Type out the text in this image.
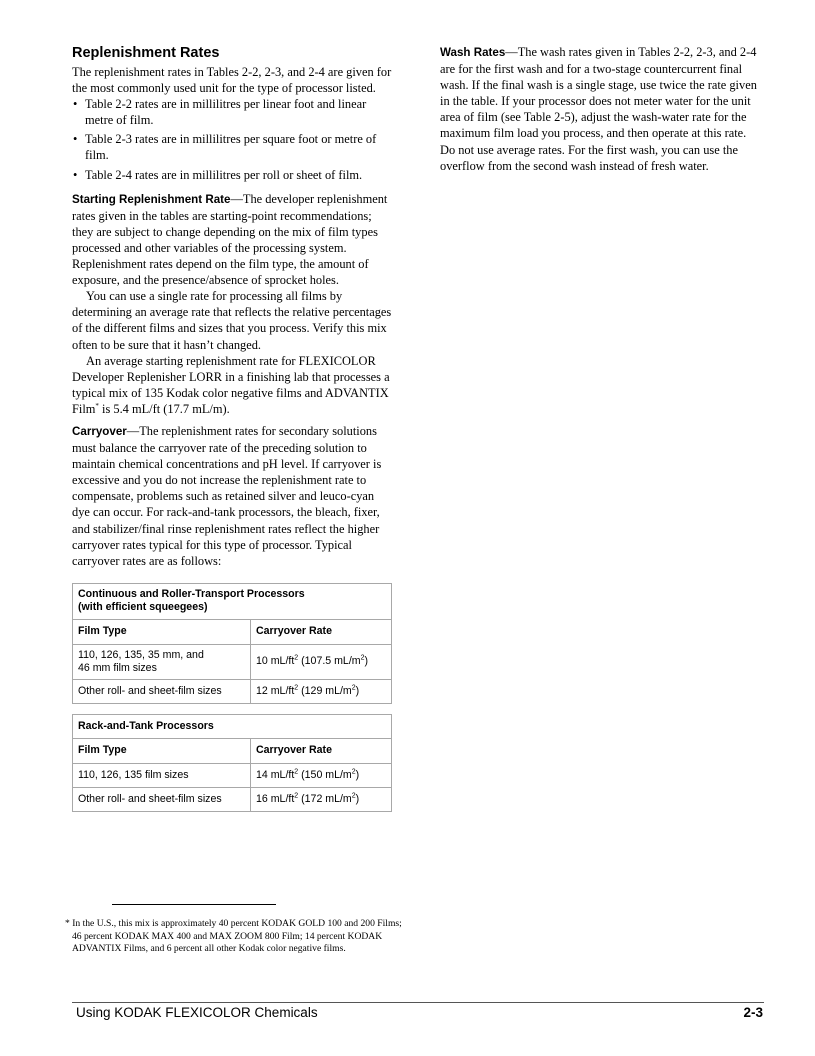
Replenishment Rates

The replenishment rates in Tables 2-2, 2-3, and 2-4 are given for the most commonly used unit for the type of processor listed.

• Table 2-2 rates are in millilitres per linear foot and linear metre of film.
• Table 2-3 rates are in millilitres per square foot or metre of film.
• Table 2-4 rates are in millilitres per roll or sheet of film.

Starting Replenishment Rate—The developer replenishment rates given in the tables are starting-point recommendations; they are subject to change depending on the mix of film types processed and other variables of the processing system. Replenishment rates depend on the film type, the amount of exposure, and the presence/absence of sprocket holes.

You can use a single rate for processing all films by determining an average rate that reflects the relative percentages of the different films and sizes that you process. Verify this mix often to be sure that it hasn’t changed.

An average starting replenishment rate for FLEXICOLOR Developer Replenisher LORR in a finishing lab that processes a typical mix of 135 Kodak color negative films and ADVANTIX Film* is 5.4 mL/ft (17.7 mL/m).

Carryover—The replenishment rates for secondary solutions must balance the carryover rate of the preceding solution to maintain chemical concentrations and pH level. If carryover is excessive and you do not increase the replenishment rate to compensate, problems such as retained silver and leuco-cyan dye can occur. For rack-and-tank processors, the bleach, fixer, and stabilizer/final rinse replenishment rates reflect the higher carryover rates typical for this type of processor. Typical carryover rates are as follows:

Continuous and Roller-Transport Processors
(with efficient squeegees)	
Film Type	Carryover Rate
110, 126, 135, 35 mm, and
46 mm film sizes	10 $mL/ft^2$ (107.5 $mL/m^2$)
Other roll- and sheet-film sizes	12 $mL/ft^2$ (129 $mL/m^2$)
Rack-and-Tank Processors	
Film Type	Carryover Rate
110, 126, 135 film sizes	14 $mL/ft^2$ (150 $mL/m^2$)
Other roll- and sheet-film sizes	16 $mL/ft^2$ (172 $mL/m^2$)

Wash Rates—The wash rates given in Tables 2-2, 2-3, and 2-4 are for the first wash and for a two-stage countercurrent final wash. If the final wash is a single stage, use twice the rate given in the table. If your processor does not meter water for the unit area of film (see Table 2-5), adjust the wash-water rate for the maximum film load you process, and then operate at this rate. Do not use average rates. For the first wash, you can use the overflow from the second wash instead of fresh water.

* In the U.S., this mix is approximately 40 percent KODAK GOLD 100 and 200 Films; 46 percent KODAK MAX 400 and MAX ZOOM 800 Film; 14 percent KODAK ADVANTIX Films, and 6 percent all other Kodak color negative films.
Using KODAK FLEXICOLOR Chemicals	2-3
